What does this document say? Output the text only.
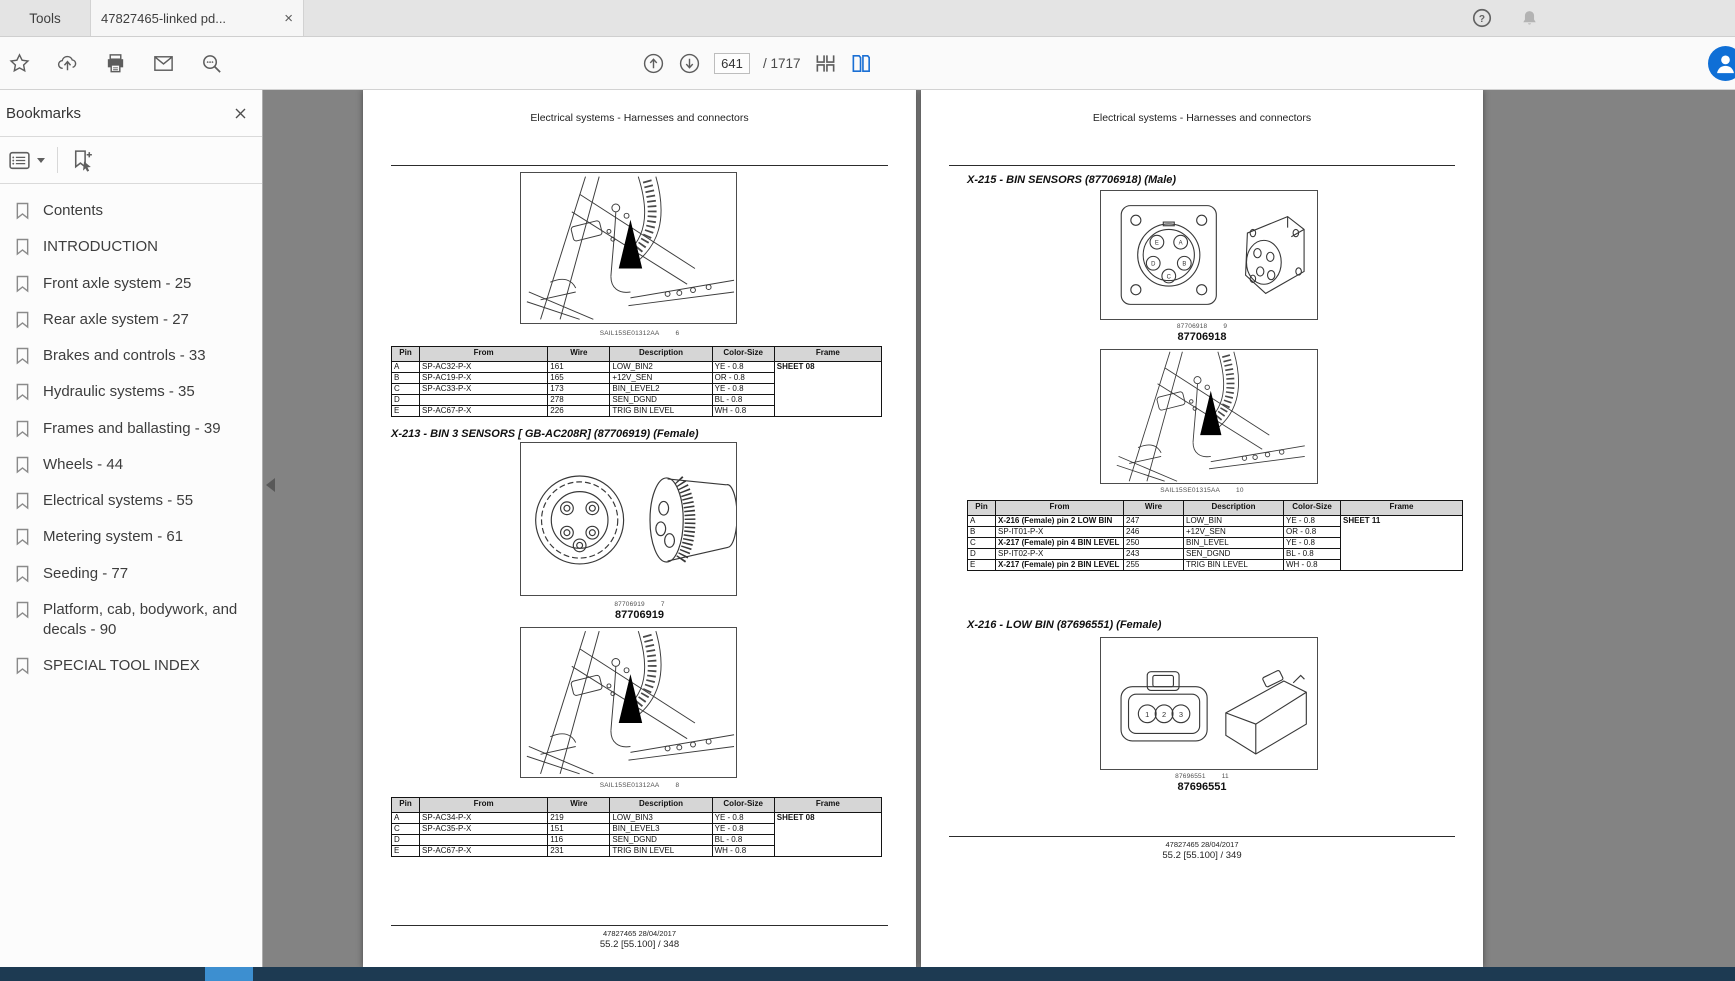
Tools	47827465-linked pd...	×	?
641
/ 1717
Bookmarks
Contents
INTRODUCTION
Front axle system - 25
Rear axle system - 27
Brakes and controls - 33
Hydraulic systems - 35
Frames and ballasting - 39
Wheels - 44
Electrical systems - 55
Metering system - 61
Seeding - 77
Platform, cab, bodywork, and decals - 90
SPECIAL TOOL INDEX
Electrical systems - Harnesses and connectors
SAIL15SE01312AA 6
Pin	From	Wire	Description	Color-Size	Frame
A	SP-AC32-P-X	161	LOW_BIN2	YE - 0.8	SHEET 08
B	SP-AC19-P-X	165	+12V_SEN	OR - 0.8	
C	SP-AC33-P-X	173	BIN_LEVEL2	YE - 0.8	
D		278	SEN_DGND	BL - 0.8	
E	SP-AC67-P-X	226	TRIG BIN LEVEL	WH - 0.8	
X-213 - BIN 3 SENSORS [ GB-AC208R] (87706919) (Female)
87706919 7
87706919
SAIL15SE01312AA 8
Pin	From	Wire	Description	Color-Size	Frame
A	SP-AC34-P-X	219	LOW_BIN3	YE - 0.8	SHEET 08
C	SP-AC35-P-X	151	BIN_LEVEL3	YE - 0.8	
D		116	SEN_DGND	BL - 0.8	
E	SP-AC67-P-X	231	TRIG BIN LEVEL	WH - 0.8	
47827465 28/04/2017
55.2 [55.100] / 348
Electrical systems - Harnesses and connectors
X-215 - BIN SENSORS (87706918) (Male)
E	A
D	B
C
87706918 9
87706918
SAIL15SE01315AA 10
Pin	From	Wire	Description	Color-Size	Frame
A	X-216 (Female) pin 2 LOW BIN	247	LOW_BIN	YE - 0.8	SHEET 11
B	SP-IT01-P-X	246	+12V_SEN	OR - 0.8	
C	X-217 (Female) pin 4 BIN LEVEL	250	BIN_LEVEL	YE - 0.8	
D	SP-IT02-P-X	243	SEN_DGND	BL - 0.8	
E	X-217 (Female) pin 2 BIN LEVEL	255	TRIG BIN LEVEL	WH - 0.8	
X-216 - LOW BIN (87696551) (Female)
1 2 3
87696551 11
87696551
47827465 28/04/2017
55.2 [55.100] / 349
